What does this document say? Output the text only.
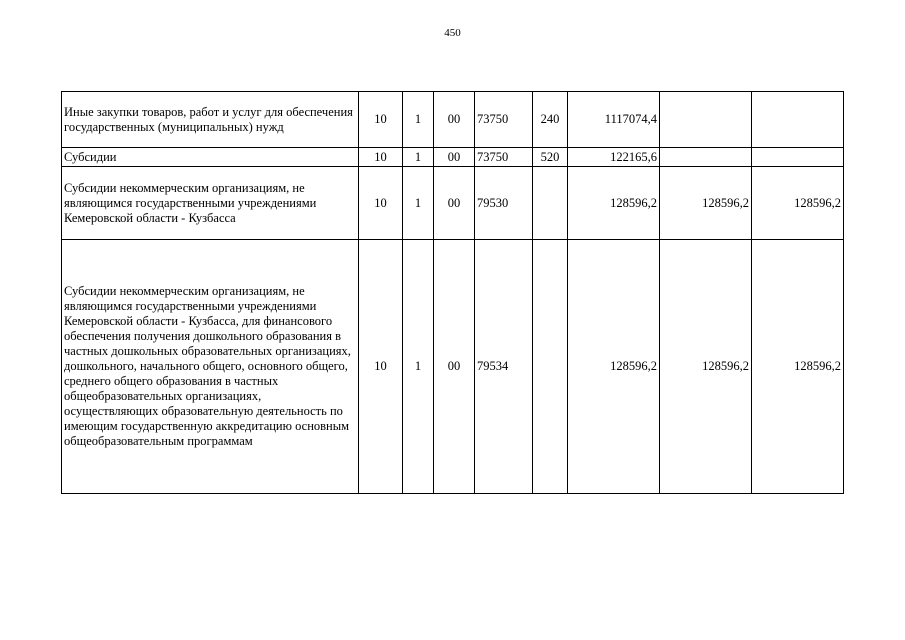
450
Иные закупки товаров, работ и услуг для обеспечения государственных (муниципальных) нужд	10	1	00	73750	240	1117074,4		
Субсидии	10	1	00	73750	520	122165,6		
Субсидии некоммерческим организациям, не являющимся государственными учреждениями Кемеровской области - Кузбасса	10	1	00	79530		128596,2	128596,2	128596,2
Субсидии некоммерческим организациям, не являющимся государственными учреждениями Кемеровской области - Кузбасса, для финансового обеспечения получения дошкольного образования в частных дошкольных образовательных организациях, дошкольного, начального общего, основного общего, среднего общего образования в частных общеобразовательных организациях, осуществляющих образовательную деятельность по имеющим государственную аккредитацию основным общеобразовательным программам	10	1	00	79534		128596,2	128596,2	128596,2
